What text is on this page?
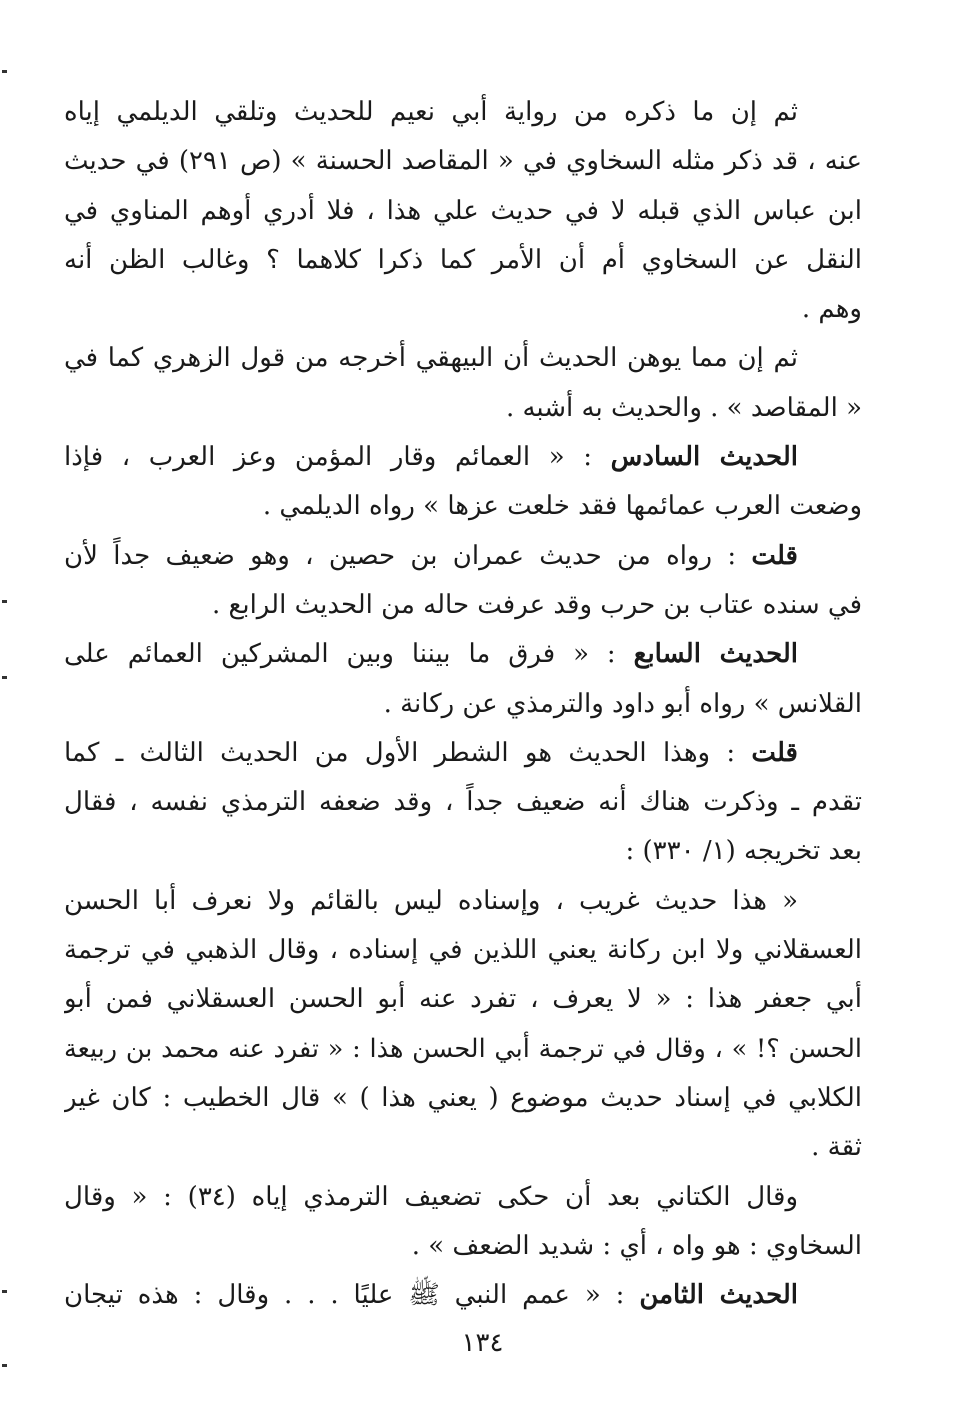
ثم إن ما ذكره من رواية أبي نعيم للحديث وتلقي الديلمي إياه
عنه ، قد ذكر مثله السخاوي في « المقاصد الحسنة » (ص ٢٩١) في حديث
ابن عباس الذي قبله لا في حديث علي هذا ، فلا أدري أوهم المناوي في
النقل عن السخاوي أم أن الأمر كما ذكرا كلاهما ؟ وغالب الظن أنه
وهم .
ثم إن مما يوهن الحديث أن البيهقي أخرجه من قول الزهري كما في
« المقاصد » . والحديث به أشبه .
الحديث السادس : « العمائم وقار المؤمن وعز العرب ، فإذا
وضعت العرب عمائمها فقد خلعت عزها » رواه الديلمي .
قلت : رواه من حديث عمران بن حصين ، وهو ضعيف جداً لأن
في سنده عتاب بن حرب وقد عرفت حاله من الحديث الرابع .
الحديث السابع : « فرق ما بيننا وبين المشركين العمائم على
القلانس » رواه أبو داود والترمذي عن ركانة .
قلت : وهذا الحديث هو الشطر الأول من الحديث الثالث ـ كما
تقدم ـ وذكرت هناك أنه ضعيف جداً ، وقد ضعفه الترمذي نفسه ، فقال
بعد تخريجه (١/ ٣٣٠) :
« هذا حديث غريب ، وإسناده ليس بالقائم ولا نعرف أبا الحسن
العسقلاني ولا ابن ركانة يعني اللذين في إسناده ، وقال الذهبي في ترجمة
أبي جعفر هذا : « لا يعرف ، تفرد عنه أبو الحسن العسقلاني فمن أبو
الحسن ؟! » ، وقال في ترجمة أبي الحسن هذا : « تفرد عنه محمد بن ربيعة
الكلابي في إسناد حديث موضوع ( يعني هذا ) » قال الخطيب : كان غير
ثقة .
وقال الكتاني بعد أن حكى تضعيف الترمذي إياه (٣٤) : « وقال
السخاوي : هو واه ، أي : شديد الضعف » .
الحديث الثامن : « عمم النبي ﷺ عليًا . . . وقال : هذه تيجان
١٣٤
